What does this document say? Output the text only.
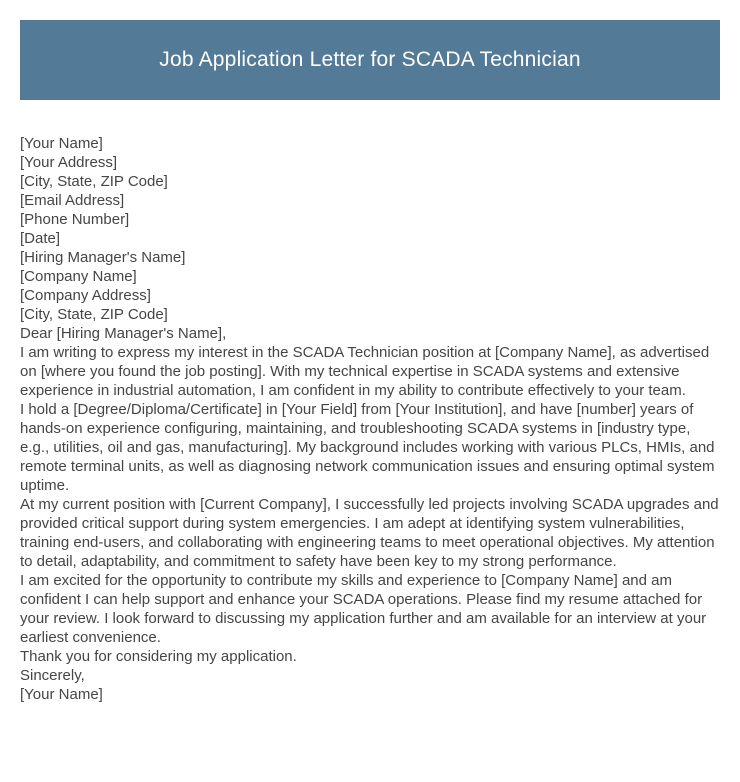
Job Application Letter for SCADA Technician
[Your Name]
[Your Address]
[City, State, ZIP Code]
[Email Address]
[Phone Number]
[Date]
[Hiring Manager's Name]
[Company Name]
[Company Address]
[City, State, ZIP Code]
Dear [Hiring Manager's Name],

I am writing to express my interest in the SCADA Technician position at [Company Name], as advertised on [where you found the job posting]. With my technical expertise in SCADA systems and extensive experience in industrial automation, I am confident in my ability to contribute effectively to your team.

I hold a [Degree/Diploma/Certificate] in [Your Field] from [Your Institution], and have [number] years of hands-on experience configuring, maintaining, and troubleshooting SCADA systems in [industry type, e.g., utilities, oil and gas, manufacturing]. My background includes working with various PLCs, HMIs, and remote terminal units, as well as diagnosing network communication issues and ensuring optimal system uptime.

At my current position with [Current Company], I successfully led projects involving SCADA upgrades and provided critical support during system emergencies. I am adept at identifying system vulnerabilities, training end-users, and collaborating with engineering teams to meet operational objectives. My attention to detail, adaptability, and commitment to safety have been key to my strong performance.

I am excited for the opportunity to contribute my skills and experience to [Company Name] and am confident I can help support and enhance your SCADA operations. Please find my resume attached for your review. I look forward to discussing my application further and am available for an interview at your earliest convenience.

Thank you for considering my application.
Sincerely,
[Your Name]
